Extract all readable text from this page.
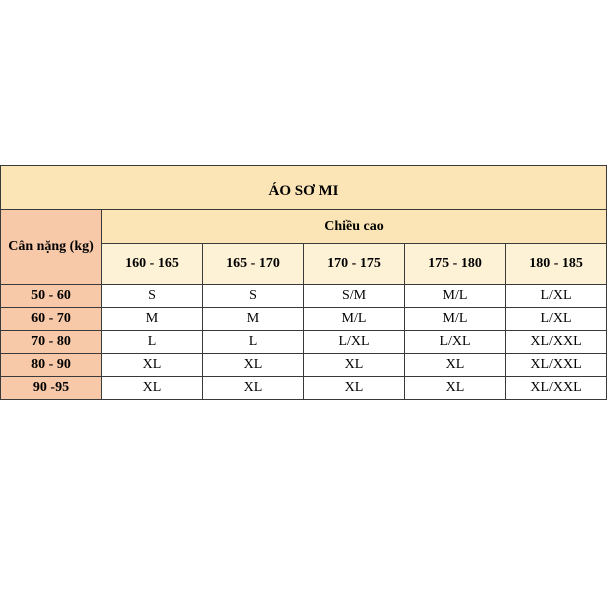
ÁO SƠ MI					
Cân nặng (kg)	Chiều cao				
	160 - 165	165 - 170	170 - 175	175 - 180	180 - 185
50 - 60	S	S	S/M	M/L	L/XL
60 - 70	M	M	M/L	M/L	L/XL
70 - 80	L	L	L/XL	L/XL	XL/XXL
80 - 90	XL	XL	XL	XL	XL/XXL
90 -95	XL	XL	XL	XL	XL/XXL
